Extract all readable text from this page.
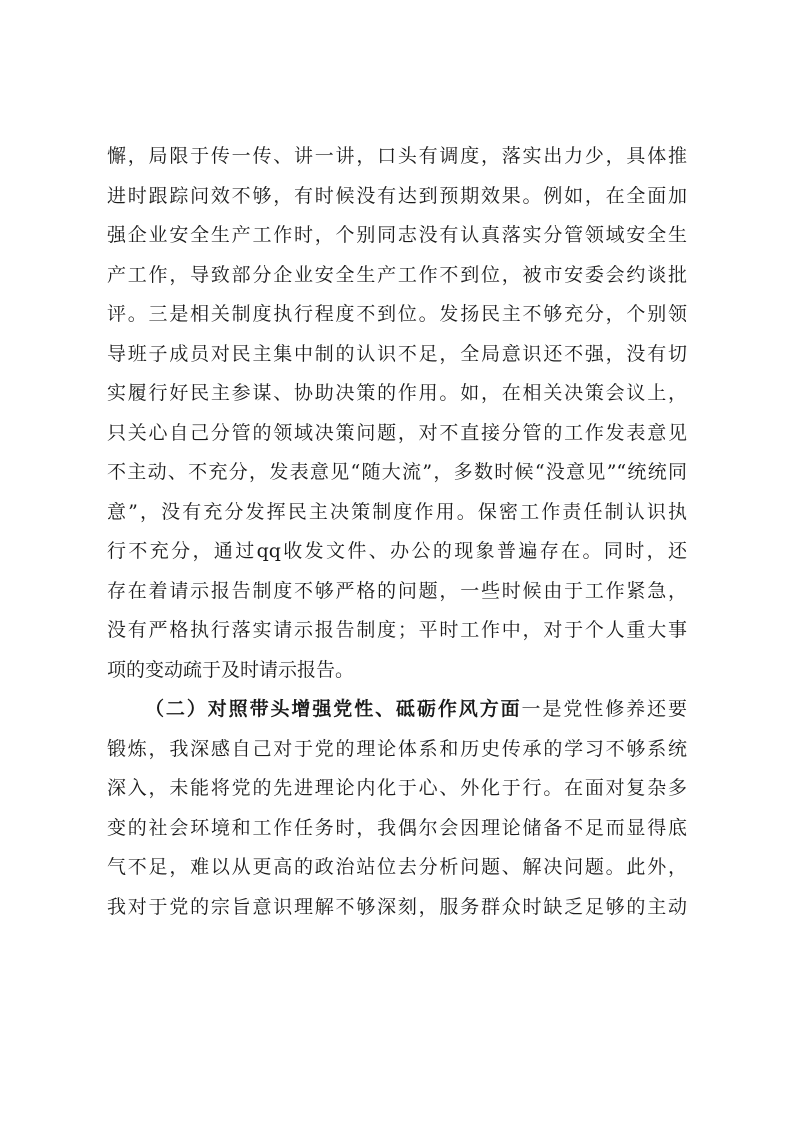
懈，局限于传一传、讲一讲，口头有调度，落实出力少，具体推
进时跟踪问效不够，有时候没有达到预期效果。例如，在全面加
强企业安全生产工作时，个别同志没有认真落实分管领域安全生
产工作，导致部分企业安全生产工作不到位，被市安委会约谈批
评。三是相关制度执行程度不到位。发扬民主不够充分，个别领
导班子成员对民主集中制的认识不足，全局意识还不强，没有切
实履行好民主参谋、协助决策的作用。如，在相关决策会议上，
只关心自己分管的领域决策问题，对不直接分管的工作发表意见
不主动、不充分，发表意见“随大流”，多数时候“没意见”“统统同
意”，没有充分发挥民主决策制度作用。保密工作责任制认识执
行不充分，通过qq收发文件、办公的现象普遍存在。同时，还
存在着请示报告制度不够严格的问题，一些时候由于工作紧急，
没有严格执行落实请示报告制度；平时工作中，对于个人重大事
项的变动疏于及时请示报告。
（二）对照带头增强党性、砥砺作风方面一是党性修养还要
锻炼，我深感自己对于党的理论体系和历史传承的学习不够系统
深入，未能将党的先进理论内化于心、外化于行。在面对复杂多
变的社会环境和工作任务时，我偶尔会因理论储备不足而显得底
气不足，难以从更高的政治站位去分析问题、解决问题。此外，
我对于党的宗旨意识理解不够深刻，服务群众时缺乏足够的主动
